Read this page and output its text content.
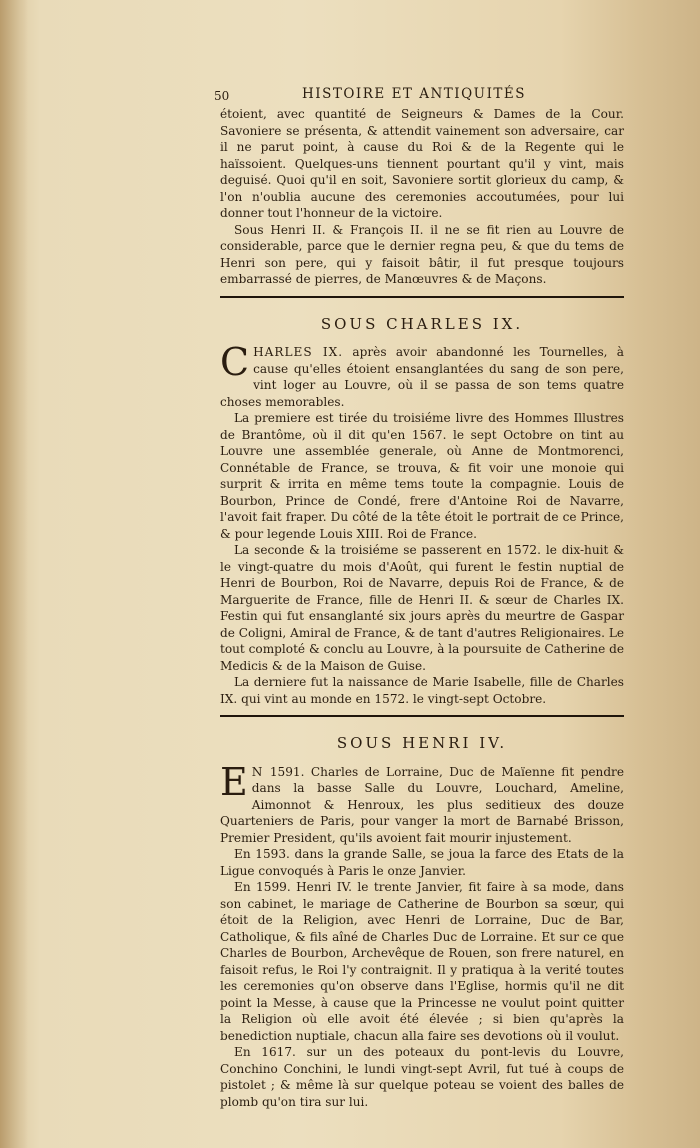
50	HISTOIRE ET ANTIQUITÉS

étoient, avec quantité de Seigneurs & Dames de la Cour. Savoniere se présenta, & attendit vainement son adversaire, car il ne parut point, à cause du Roi & de la Regente qui le haïssoient. Quelques-uns tiennent pourtant qu'il y vint, mais deguisé. Quoi qu'il en soit, Savoniere sortit glorieux du camp, & l'on n'oublia aucune des ceremonies accoutumées, pour lui donner tout l'honneur de la victoire.

Sous Henri II. & François II. il ne se fit rien au Louvre de considerable, parce que le dernier regna peu, & que du tems de Henri son pere, qui y faisoit bâtir, il fut presque toujours embarrassé de pierres, de Manœuvres & de Maçons.

SOUS CHARLES IX.

CHARLES IX. après avoir abandonné les Tournelles, à cause qu'elles étoient ensanglantées du sang de son pere, vint loger au Louvre, où il se passa de son tems quatre choses memorables.

La premiere est tirée du troisiéme livre des Hommes Illustres de Brantôme, où il dit qu'en 1567. le sept Octobre on tint au Louvre une assemblée generale, où Anne de Montmorenci, Connétable de France, se trouva, & fit voir une monoie qui surprit & irrita en même tems toute la compagnie. Louis de Bourbon, Prince de Condé, frere d'Antoine Roi de Navarre, l'avoit fait fraper. Du côté de la tête étoit le portrait de ce Prince, & pour legende Louis XIII. Roi de France.

La seconde & la troisiéme se passerent en 1572. le dix-huit & le vingt-quatre du mois d'Août, qui furent le festin nuptial de Henri de Bourbon, Roi de Navarre, depuis Roi de France, & de Marguerite de France, fille de Henri II. & sœur de Charles IX. Festin qui fut ensanglanté six jours après du meurtre de Gaspar de Coligni, Amiral de France, & de tant d'autres Religionaires. Le tout comploté & conclu au Louvre, à la poursuite de Catherine de Medicis & de la Maison de Guise.

La derniere fut la naissance de Marie Isabelle, fille de Charles IX. qui vint au monde en 1572. le vingt-sept Octobre.

SOUS HENRI IV.

E N 1591. Charles de Lorraine, Duc de Maïenne fit pendre dans la basse Salle du Louvre, Louchard, Ameline, Aimonnot & Henroux, les plus seditieux des douze Quarteniers de Paris, pour vanger la mort de Barnabé Brisson, Premier President, qu'ils avoient fait mourir injustement.

En 1593. dans la grande Salle, se joua la farce des Etats de la Ligue convoqués à Paris le onze Janvier.

En 1599. Henri IV. le trente Janvier, fit faire à sa mode, dans son cabinet, le mariage de Catherine de Bourbon sa sœur, qui étoit de la Religion, avec Henri de Lorraine, Duc de Bar, Catholique, & fils aîné de Charles Duc de Lorraine. Et sur ce que Charles de Bourbon, Archevêque de Rouen, son frere naturel, en faisoit refus, le Roi l'y contraignit. Il y pratiqua à la verité toutes les ceremonies qu'on observe dans l'Eglise, hormis qu'il ne dit point la Messe, à cause que la Princesse ne voulut point quitter la Religion où elle avoit été élevée ; si bien qu'après la benediction nuptiale, chacun alla faire ses devotions où il voulut.

En 1617. sur un des poteaux du pont-levis du Louvre, Conchino Conchini, le lundi vingt-sept Avril, fut tué à coups de pistolet ; & même là sur quelque poteau se voient des balles de plomb qu'on tira sur lui.
